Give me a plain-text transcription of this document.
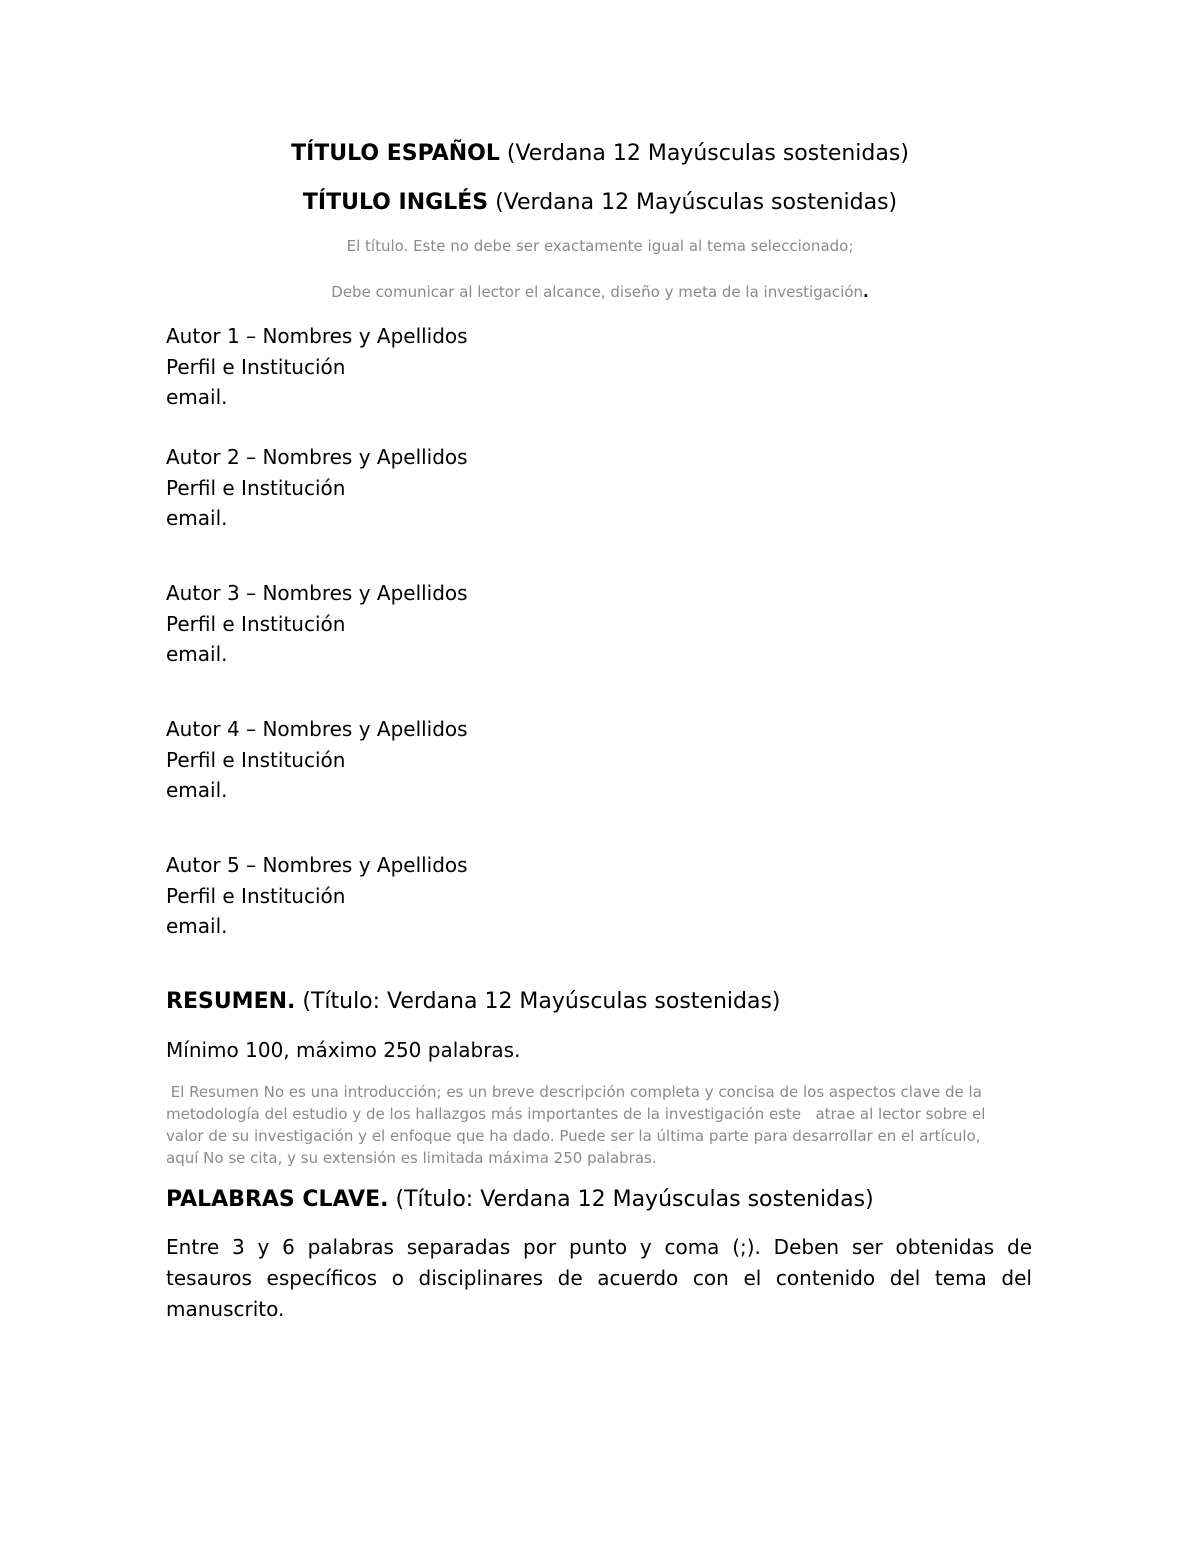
TÍTULO ESPAÑOL (Verdana 12 Mayúsculas sostenidas)
TÍTULO INGLÉS (Verdana 12 Mayúsculas sostenidas)
El título. Este no debe ser exactamente igual al tema seleccionado;
Debe comunicar al lector el alcance, diseño y meta de la investigación.
Autor 1 – Nombres y Apellidos
Perfil e Institución
email.
Autor 2 – Nombres y Apellidos
Perfil e Institución
email.
Autor 3 – Nombres y Apellidos
Perfil e Institución
email.
Autor 4 – Nombres y Apellidos
Perfil e Institución
email.
Autor 5 – Nombres y Apellidos
Perfil e Institución
email.
RESUMEN. (Título: Verdana 12 Mayúsculas sostenidas)
Mínimo 100, máximo 250 palabras.
El Resumen No es una introducción; es un breve descripción completa y concisa de los aspectos clave de la
metodología del estudio y de los hallazgos más importantes de la investigación este   atrae al lector sobre el
valor de su investigación y el enfoque que ha dado. Puede ser la última parte para desarrollar en el artículo,
aquí No se cita, y su extensión es limitada máxima 250 palabras.
PALABRAS CLAVE. (Título: Verdana 12 Mayúsculas sostenidas)
Entre 3 y 6 palabras separadas por punto y coma (;). Deben ser obtenidas de
tesauros específicos o disciplinares de acuerdo con el contenido del tema del
manuscrito.
